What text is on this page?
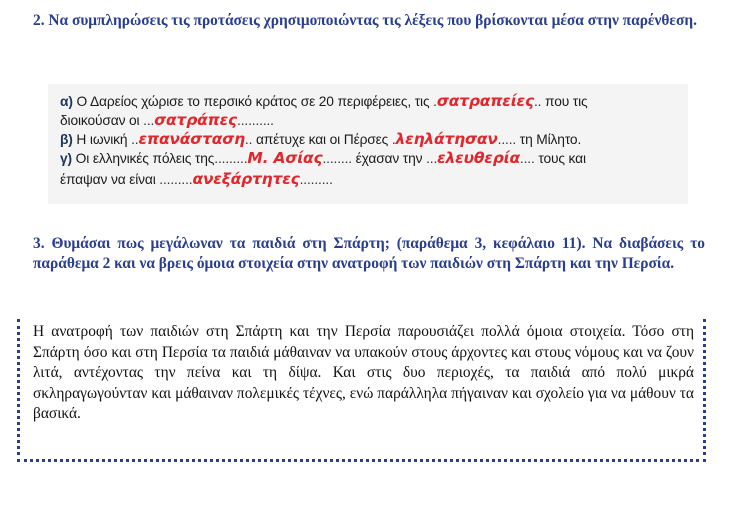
2. Να συμπληρώσεις τις προτάσεις χρησιμοποιώντας τις λέξεις που βρίσκονται μέσα στην παρένθεση.

α) Ο Δαρείος χώρισε το περσικό κράτος σε 20 περιφέρειες, τις .σατραπείες.. που τις
διοικούσαν οι ...σατράπες..........
β) Η ιωνική ..επανάσταση.. απέτυχε και οι Πέρσες .λεηλάτησαν..... τη Μίλητο.
γ) Οι ελληνικές πόλεις της.........Μ. Ασίας........ έχασαν την ...ελευθερία.... τους και
έπαψαν να είναι .........ανεξάρτητες.........

3. Θυμάσαι πως μεγάλωναν τα παιδιά στη Σπάρτη; (παράθεμα 3, κεφάλαιο 11). Να διαβάσεις το παράθεμα 2 και να βρεις όμοια στοιχεία στην ανατροφή των παιδιών στη Σπάρτη και την Περσία.

Η ανατροφή των παιδιών στη Σπάρτη και την Περσία παρουσιάζει πολλά όμοια στοιχεία. Τόσο στη Σπάρτη όσο και στη Περσία τα παιδιά μάθαιναν να υπακούν στους άρχοντες και στους νόμους και να ζουν λιτά, αντέχοντας την πείνα και τη δίψα. Και στις δυο περιοχές, τα παιδιά από πολύ μικρά σκληραγωγούνταν και μάθαιναν πολεμικές τέχνες, ενώ παράλληλα πήγαιναν και σχολείο για να μάθουν τα βασικά.
